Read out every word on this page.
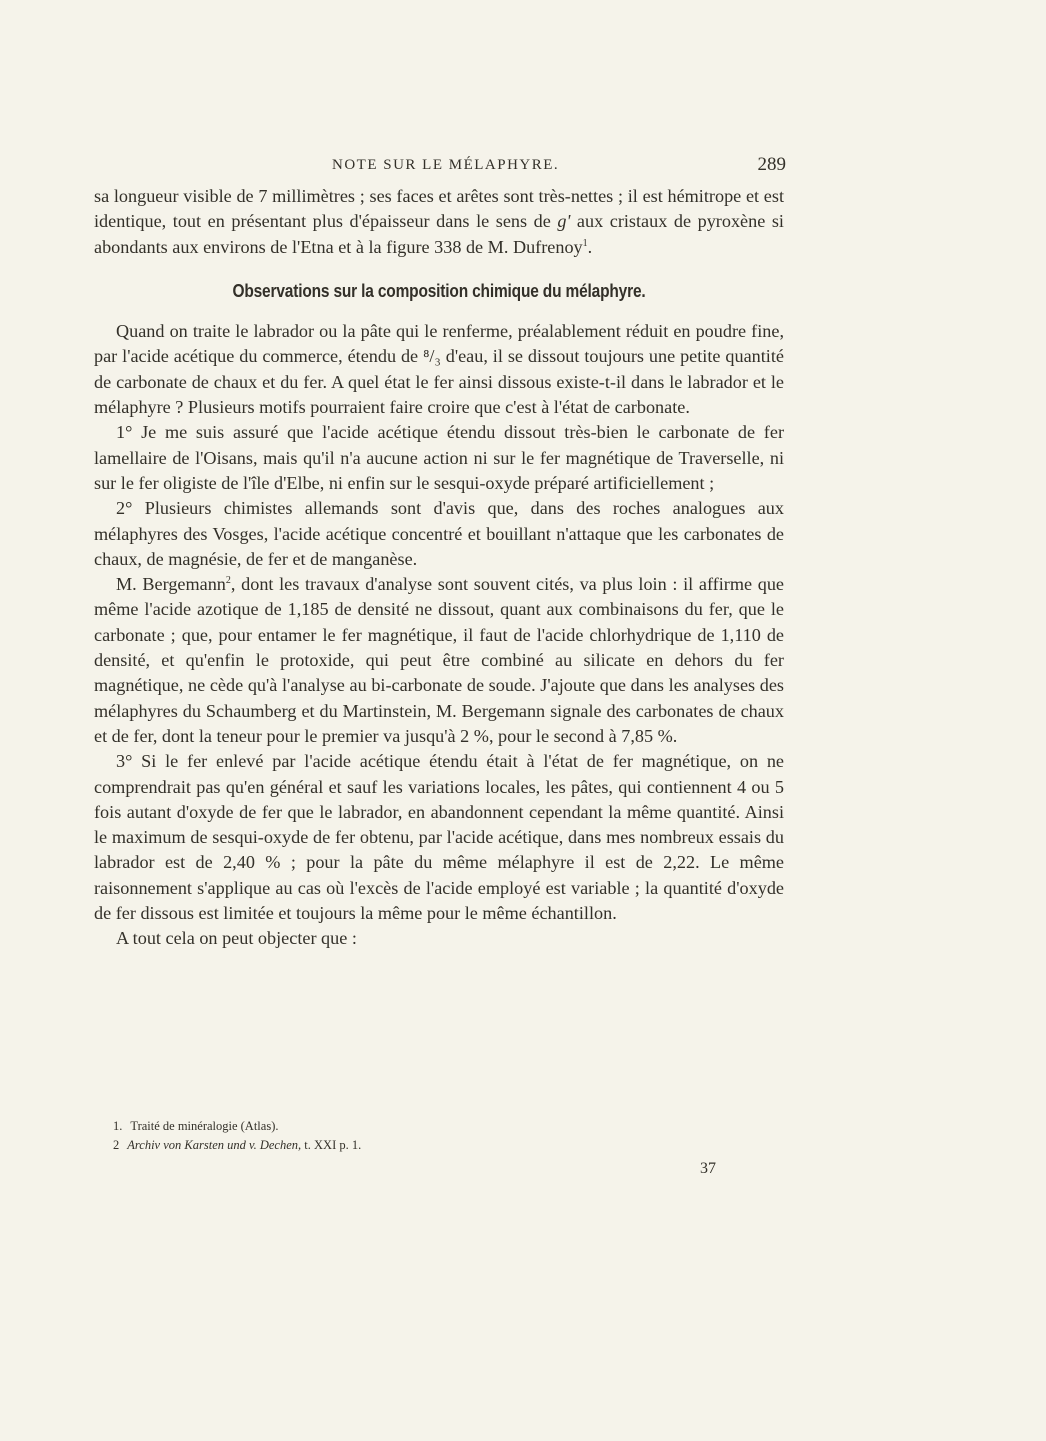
NOTE SUR LE MÉLAPHYRE.	289

sa longueur visible de 7 millimètres ; ses faces et arêtes sont très-nettes ; il est hémitrope et est identique, tout en présentant plus d'épaisseur dans le sens de g' aux cristaux de pyroxène si abondants aux environs de l'Etna et à la figure 338 de M. Dufrenoy$^1$.

Observations sur la composition chimique du mélaphyre.

Quand on traite le labrador ou la pâte qui le renferme, préalablement réduit en poudre fine, par l'acide acétique du commerce, étendu de ⁸/₃ d'eau, il se dissout toujours une petite quantité de carbonate de chaux et du fer. A quel état le fer ainsi dissous existe-t-il dans le labrador et le mélaphyre ? Plusieurs motifs pourraient faire croire que c'est à l'état de carbonate.

1° Je me suis assuré que l'acide acétique étendu dissout très-bien le carbonate de fer lamellaire de l'Oisans, mais qu'il n'a aucune action ni sur le fer magnétique de Traverselle, ni sur le fer oligiste de l'île d'Elbe, ni enfin sur le sesqui-oxyde préparé artificiellement ;

2° Plusieurs chimistes allemands sont d'avis que, dans des roches analogues aux mélaphyres des Vosges, l'acide acétique concentré et bouillant n'attaque que les carbonates de chaux, de magnésie, de fer et de manganèse.

M. Bergemann$^2$, dont les travaux d'analyse sont souvent cités, va plus loin : il affirme que même l'acide azotique de 1,185 de densité ne dissout, quant aux combinaisons du fer, que le carbonate ; que, pour entamer le fer magnétique, il faut de l'acide chlorhydrique de 1,110 de densité, et qu'enfin le protoxide, qui peut être combiné au silicate en dehors du fer magnétique, ne cède qu'à l'analyse au bi-carbonate de soude. J'ajoute que dans les analyses des mélaphyres du Schaumberg et du Martinstein, M. Bergemann signale des carbonates de chaux et de fer, dont la teneur pour le premier va jusqu'à 2 %, pour le second à 7,85 %.

3° Si le fer enlevé par l'acide acétique étendu était à l'état de fer magnétique, on ne comprendrait pas qu'en général et sauf les variations locales, les pâtes, qui contiennent 4 ou 5 fois autant d'oxyde de fer que le labrador, en abandonnent cependant la même quantité. Ainsi le maximum de sesqui-oxyde de fer obtenu, par l'acide acétique, dans mes nombreux essais du labrador est de 2,40 % ; pour la pâte du même mélaphyre il est de 2,22. Le même raisonnement s'applique au cas où l'excès de l'acide employé est variable ; la quantité d'oxyde de fer dissous est limitée et toujours la même pour le même échantillon.

A tout cela on peut objecter que :

1. Traité de minéralogie (Atlas).

2 Archiv von Karsten und v. Dechen, t. XXI p. 1.

37
